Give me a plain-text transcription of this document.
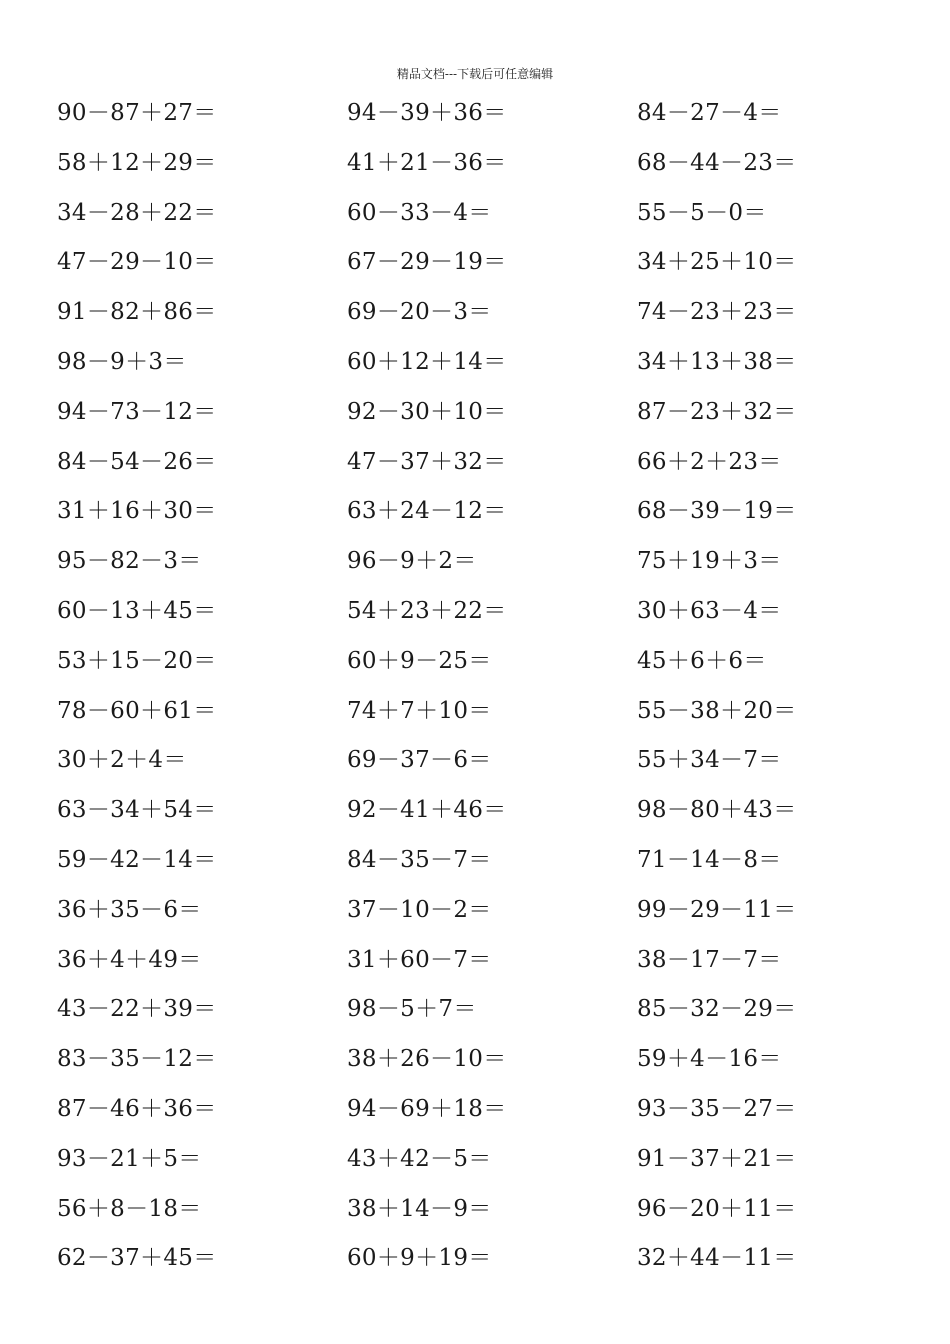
精品文档---下载后可任意编辑
90－87＋27＝	94－39＋36＝	84－27－4＝
58＋12＋29＝	41＋21－36＝	68－44－23＝
34－28＋22＝	60－33－4＝	55－5－0＝
47－29－10＝	67－29－19＝	34＋25＋10＝
91－82＋86＝	69－20－3＝	74－23＋23＝
98－9＋3＝	60＋12＋14＝	34＋13＋38＝
94－73－12＝	92－30＋10＝	87－23＋32＝
84－54－26＝	47－37＋32＝	66＋2＋23＝
31＋16＋30＝	63＋24－12＝	68－39－19＝
95－82－3＝	96－9＋2＝	75＋19＋3＝
60－13＋45＝	54＋23＋22＝	30＋63－4＝
53＋15－20＝	60＋9－25＝	45＋6＋6＝
78－60＋61＝	74＋7＋10＝	55－38＋20＝
30＋2＋4＝	69－37－6＝	55＋34－7＝
63－34＋54＝	92－41＋46＝	98－80＋43＝
59－42－14＝	84－35－7＝	71－14－8＝
36＋35－6＝	37－10－2＝	99－29－11＝
36＋4＋49＝	31＋60－7＝	38－17－7＝
43－22＋39＝	98－5＋7＝	85－32－29＝
83－35－12＝	38＋26－10＝	59＋4－16＝
87－46＋36＝	94－69＋18＝	93－35－27＝
93－21＋5＝	43＋42－5＝	91－37＋21＝
56＋8－18＝	38＋14－9＝	96－20＋11＝
62－37＋45＝	60＋9＋19＝	32＋44－11＝
